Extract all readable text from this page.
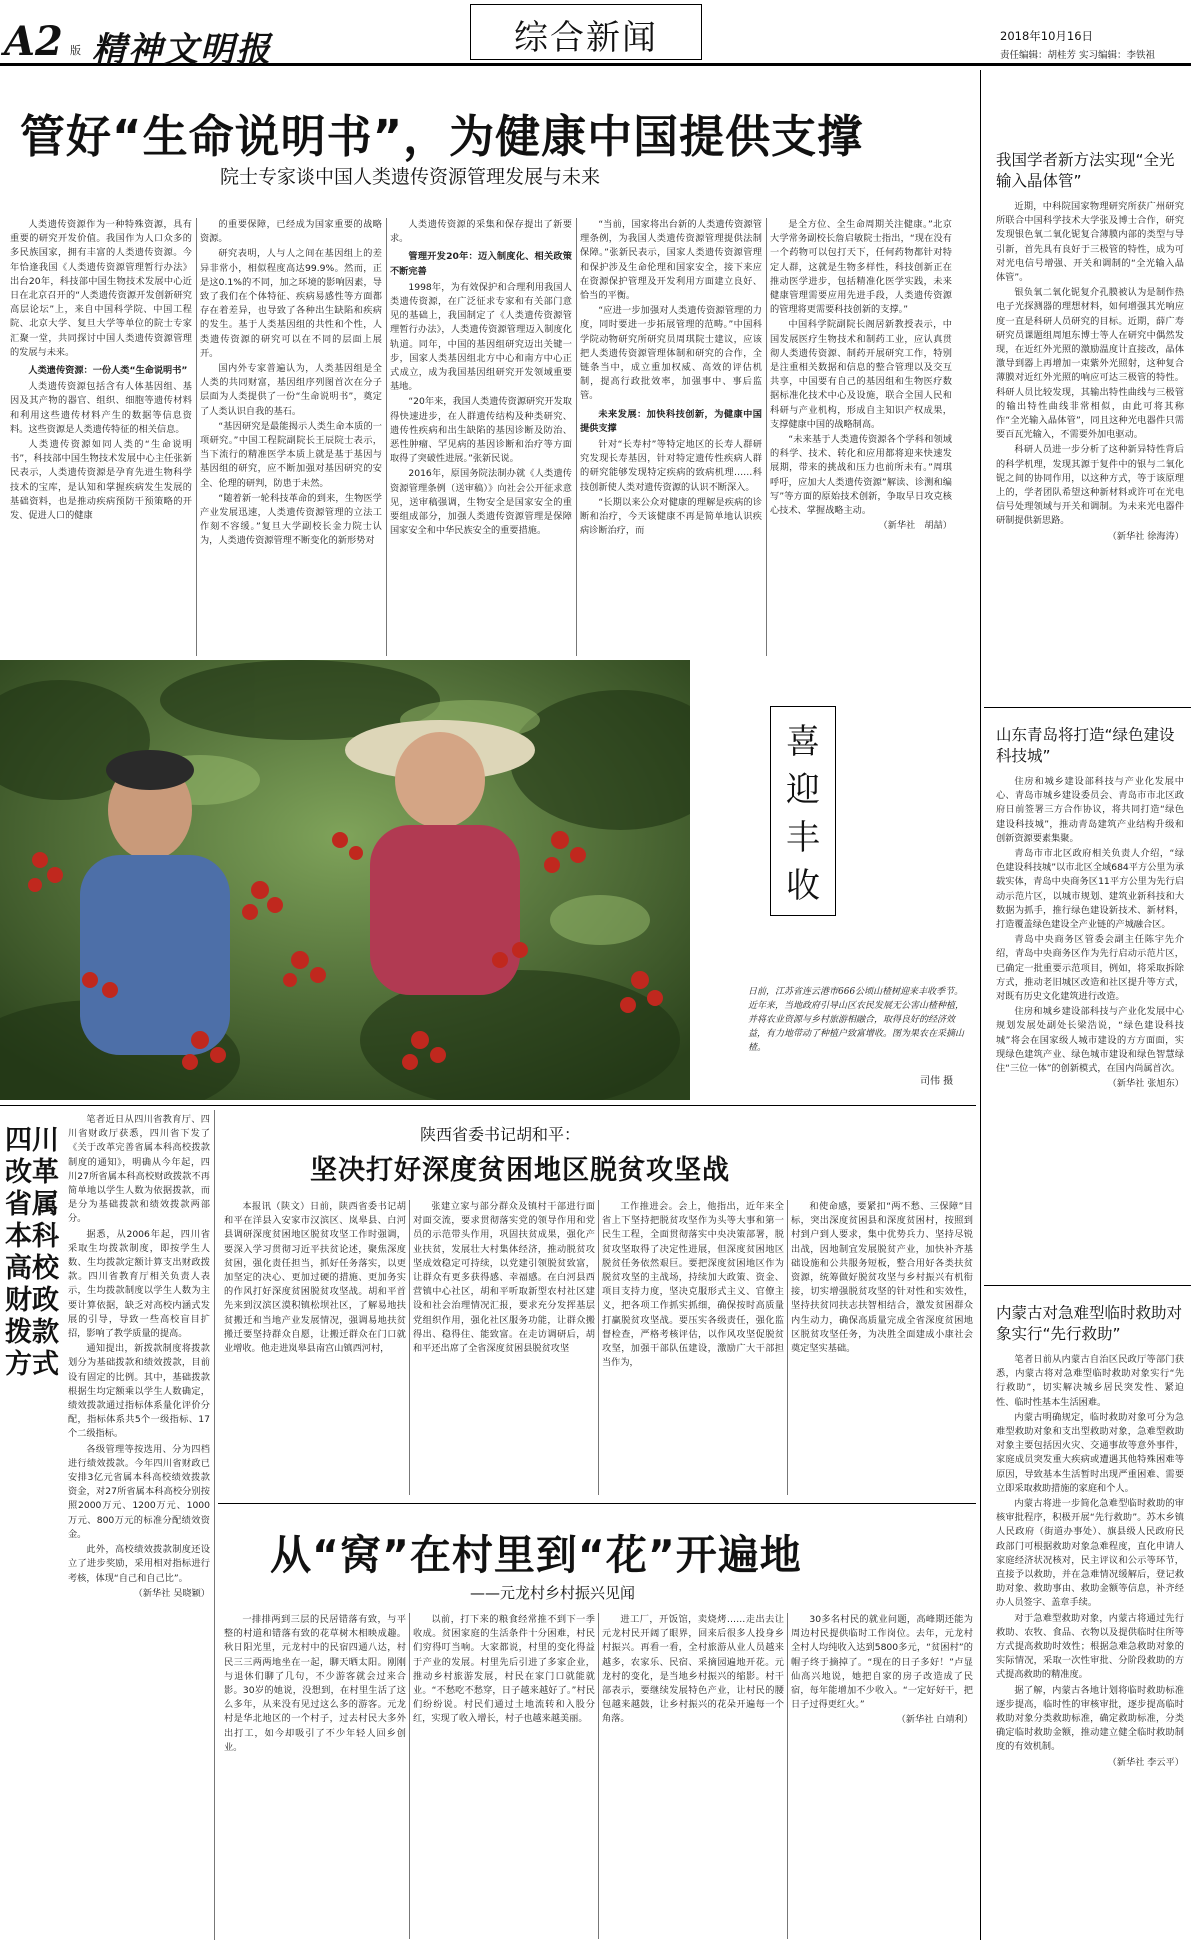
A2 版 精神文明报	综合新闻	2018年10月16日
责任编辑：胡桂芳 实习编辑：李铁祖
管好“生命说明书”，为健康中国提供支撑
院士专家谈中国人类遗传资源管理发展与未来

人类遗传资源作为一种特殊资源，具有重要的研究开发价值。我国作为人口众多的多民族国家，拥有丰富的人类遗传资源。今年恰逢我国《人类遗传资源管理暂行办法》出台20年，科技部中国生物技术发展中心近日在北京召开的“人类遗传资源开发创新研究高层论坛”上，来自中国科学院、中国工程院、北京大学、复旦大学等单位的院士专家汇聚一堂，共同探讨中国人类遗传资源管理的发展与未来。

人类遗传资源：一份人类“生命说明书”

人类遗传资源包括含有人体基因组、基因及其产物的器官、组织、细胞等遗传材料和利用这些遗传材料产生的数据等信息资料。这些资源是人类遗传特征的相关信息。

人类遗传资源如同人类的“生命说明书”，科技部中国生物技术发展中心主任张新民表示，人类遗传资源是孕育先进生物科学技术的宝库，是认知和掌握疾病发生发展的基础资料，也是推动疾病预防干预策略的开发、促进人口的健康

的重要保障，已经成为国家重要的战略资源。

研究表明，人与人之间在基因组上的差异非常小，相似程度高达99.9%。然而，正是这0.1%的不同，加之环境的影响因素，导致了我们在个体特征、疾病易感性等方面都存在着差异，也导致了各种出生缺陷和疾病的发生。基于人类基因组的共性和个性，人类遗传资源的研究可以在不同的层面上展开。

国内外专家普遍认为，人类基因组是全人类的共同财富，基因组序列图首次在分子层面为人类提供了一份“生命说明书”，奠定了人类认识自我的基石。

“基因研究是最能揭示人类生命本质的一项研究。”中国工程院副院长王辰院士表示，当下流行的精准医学本质上就是基于基因与基因组的研究，应不断加强对基因研究的安全、伦理的研判，防患于未然。

“随着新一轮科技革命的到来，生物医学产业发展迅速，人类遗传资源管理的立法工作刻不容缓。”复旦大学副校长金力院士认为，人类遗传资源管理不断变化的新形势对

人类遗传资源的采集和保存提出了新要求。

管理开发20年：迈入制度化、相关政策不断完善

1998年，为有效保护和合理利用我国人类遗传资源，在广泛征求专家和有关部门意见的基础上，我国制定了《人类遗传资源管理暂行办法》，人类遗传资源管理迈入制度化轨道。同年，中国的基因组研究迈出关键一步，国家人类基因组北方中心和南方中心正式成立，成为我国基因组研究开发领域重要基地。

“20年来，我国人类遗传资源研究开发取得快速进步，在人群遗传结构及种类研究、遗传性疾病和出生缺陷的基因诊断及防治、恶性肿瘤、罕见病的基因诊断和治疗等方面取得了突破性进展。”张新民说。

2016年，原国务院法制办就《人类遗传资源管理条例（送审稿）》向社会公开征求意见，送审稿强调，生物安全是国家安全的重要组成部分，加强人类遗传资源管理是保障国家安全和中华民族安全的重要措施。

“当前，国家将出台新的人类遗传资源管理条例，为我国人类遗传资源管理提供法制保障。”张新民表示，国家人类遗传资源管理和保护涉及生命伦理和国家安全，接下来应在资源保护管理及开发利用方面建立良好、恰当的平衡。

“应进一步加强对人类遗传资源管理的力度，同时要进一步拓展管理的范畴。”中国科学院动物研究所研究员周琪院士建议，应该把人类遗传资源管理体制和研究的合作，全链条当中，成立重加权威、高效的评估机制，提高行政批效率，加强事中、事后监管。

未来发展：加快科技创新，为健康中国提供支撑

针对“长寿村”等特定地区的长寿人群研究发现长寿基因，针对特定遗传性疾病人群的研究能够发现特定疾病的致病机理……科技创新使人类对遗传资源的认识不断深入。

“长期以来公众对健康的理解是疾病的诊断和治疗，今天该健康不再是简单地认识疾病诊断治疗，而

是全方位、全生命周期关注健康。”北京大学常务副校长詹启敏院士指出，“现在没有一个药物可以包打天下，任何药物都针对特定人群，这就是生物多样性，科技创新正在推动医学进步，包括精准化医学实践，未来健康管理需要应用先进手段，人类遗传资源的管理将更需要科技创新的支撑。”

中国科学院副院长阁居新教授表示，中国发展医疗生物技术和制药工业，应认真贯彻人类遗传资源、制药开展研究工作，特别是注重相关数据和信息的整合管理以及交互共享，中国要有自己的基因组和生物医疗数据标准化技术中心及设施，联合全国人民和科研与产业机构，形成自主知识产权成果，支撑健康中国的战略制高。

“未来基于人类遗传资源各个学科和领域的科学、技术、转化和应用都将迎来快速发展期，带来的挑战和压力也前所未有。”周琪呼吁，应加大人类遗传资源”解读、诊测和编写”等方面的原始技术创新，争取早日攻克核心技术、掌握战略主动。

（新华社　胡喆）
喜迎丰收
日前，江苏省连云港市666公顷山楂树迎来丰收季节。近年来，当地政府引导山区农民发展无公害山楂种植，并将农业资源与乡村旅游相融合，取得良好的经济效益，有力地带动了种植户致富增收。图为果农在采摘山楂。
司伟 摄
四川改革省属本科高校财政拨款方式

笔者近日从四川省教育厅、四川省财政厅获悉，四川省下发了《关于改革完善省属本科高校拨款制度的通知》，明确从今年起，四川27所省属本科高校财政拨款不再简单地以学生人数为依据拨款，而是分为基础拨款和绩效拨款两部分。

据悉，从2006年起，四川省采取生均拨款制度，即按学生人数、生均拨款定额计算支出财政拨款。四川省教育厅相关负责人表示，生均拨款制度以学生人数为主要计算依据，缺乏对高校内涵式发展的引导，导致一些高校盲目扩招，影响了教学质量的提高。

通知提出，新拨款制度将拨款划分为基础拨款和绩效拨款，目前设有固定的比例。其中，基础拨款根据生均定额乘以学生人数确定，绩效拨款通过指标体系量化评价分配，指标体系共5个一级指标、17个二级指标。

各级管理等按选用、分为四档进行绩效拨款。今年四川省财政已安排3亿元省属本科高校绩效拨款资金，对27所省属本科高校分别按照2000万元、1200万元、1000万元、800万元的标准分配绩效资金。

此外，高校绩效拨款制度还设立了进步奖励，采用相对指标进行考核，体现“自己和自己比”。

（新华社 吴晓颖）
陕西省委书记胡和平：
坚决打好深度贫困地区脱贫攻坚战

本报讯（陕文）日前，陕西省委书记胡和平在洋县入安家市汉滨区、岚皋县、白河县调研深度贫困地区脱贫攻坚工作时强调，要深入学习贯彻习近平扶贫论述，聚焦深度贫困，强化责任担当，抓好任务落实，以更加坚定的决心、更加过硬的措施、更加务实的作风打好深度贫困脱贫攻坚战。胡和平首先来到汉滨区漠积镇松坝社区，了解易地扶贫搬迁和当地产业发展情况，强调易地扶贫搬迁要坚持群众自愿，让搬迁群众在门口就业增收。他走进岚皋县南宫山镇西河村，

张建立家与部分群众及镇村干部进行面对面交流，要求贯彻落实党的领导作用和党员的示范带头作用，巩固扶贫成果，强化产业扶贫，发展壮大村集体经济，推动脱贫攻坚成效稳定可持续，以党建引领脱贫致富，让群众有更多获得感、幸福感。在白河县西营镇中心社区，胡和平听取新型农村社区建设和社会治理情况汇报，要求充分发挥基层党组织作用，强化社区服务功能，让群众搬得出、稳得住、能致富。在走访调研后，胡和平还出席了全省深度贫困县脱贫攻坚

工作推进会。会上，他指出，近年来全省上下坚持把脱贫攻坚作为头等大事和第一民生工程，全面贯彻落实中央决策部署，脱贫攻坚取得了决定性进展，但深度贫困地区脱贫任务依然艰巨。要把深度贫困地区作为脱贫攻坚的主战场，持续加大政策、资金、项目支持力度，坚决克服形式主义、官僚主义，把各项工作抓实抓细，确保按时高质量打赢脱贫攻坚战。要压实各级责任，强化监督检查，严格考核评估，以作风攻坚促脱贫攻坚，加强干部队伍建设，激励广大干部担当作为，

和使命感，要紧扣“两不愁、三保障”目标，突出深度贫困县和深度贫困村，按照到村到户到人要求，集中优势兵力、坚持尽锐出战，因地制宜发展脱贫产业，加快补齐基础设施和公共服务短板，整合用好各类扶贫资源，统筹做好脱贫攻坚与乡村振兴有机衔接，切实增强脱贫攻坚的针对性和实效性，坚持扶贫同扶志扶智相结合，激发贫困群众内生动力，确保高质量完成全省深度贫困地区脱贫攻坚任务，为决胜全面建成小康社会奠定坚实基础。

从“窝”在村里到“花”开遍地
——元龙村乡村振兴见闻

一排排两到三层的民居错落有致，与平整的村道和错落有致的花草树木相映成趣。秋日阳光里，元龙村中的民宿四通八达，村民三三两两地坐在一起，聊天晒太阳。刚刚与退休们聊了几句，不少游客就会过来合影。30岁的她说，没想到，在村里生活了这么多年，从来没有见过这么多的游客。元龙村是华北地区的一个村子，过去村民大多外出打工，如今却吸引了不少年轻人回乡创业。

以前，打下来的粮食经常推不到下一季收成。贫困家庭的生活条件十分困难，村民们穷得叮当响。大家都说，村里的变化得益于产业的发展。村里先后引进了多家企业，推动乡村旅游发展，村民在家门口就能就业。“不愁吃不愁穿，日子越来越好了。”村民们纷纷说。村民们通过土地流转和入股分红，实现了收入增长，村子也越来越美丽。

进工厂，开饭馆，卖烧烤……走出去让元龙村民开阔了眼界，回来后很多人投身乡村振兴。再看一看，全村旅游从业人员越来越多，农家乐、民宿、采摘园遍地开花。元龙村的变化，是当地乡村振兴的缩影。村干部表示，要继续发展特色产业，让村民的腰包越来越鼓，让乡村振兴的花朵开遍每一个角落。

30多名村民的就业问题，高峰期还能为周边村民提供临时工作岗位。去年，元龙村全村人均纯收入达到5800多元，“贫困村”的帽子终于摘掉了。“现在的日子多好！”卢显仙高兴地说，她把自家的房子改造成了民宿，每年能增加不少收入。“一定好好干，把日子过得更红火。”

（新华社 白靖利）
我国学者新方法实现“全光输入晶体管”

近期，中科院国家物理研究所获广州研究所联合中国科学技术大学张及博士合作，研究发现银色氧二氧化铌复合薄膜内部的类型与导引新，首先具有良好于三极管的特性，成为可对光电信号增强、开关和调制的“全光输入晶体管”。

银负氧二氧化铌复介孔膜被认为是制作热电子光探测器的理想材料，如何增强其光响应度一直是科研人员研究的目标。近期，薛广寿研究员课题组周旭东博士等人在研究中偶然发现，在近红外光照的激励温度计直接改，晶体激导到器上再增加一束紫外光照射，这种复合薄膜对近红外光照的响应可达三极管的特性。科研人员比较发现，其输出特性曲线与三极管的输出特性曲线非常相似，由此可将其称作“全光输入晶体管”，同且这种光电器件只需要百瓦光输入，不需要外加电驱动。

科研人员进一步分析了这种新异特性背后的科学机理，发现其源于复件中的银与二氧化铌之间的协同作用，以这种方式，等于该原理上的，学者团队希望这种新材料或许可在光电信号处理领域与开关和调制。为未来光电器件研制提供新思路。

（新华社 徐海涛）
山东青岛将打造“绿色建设科技城”

住房和城乡建设部科技与产业化发展中心、青岛市城乡建设委员会、青岛市市北区政府日前签署三方合作协议，将共同打造“绿色建设科技城”，推动青岛建筑产业结构升级和创新资源要素集聚。

青岛市市北区政府相关负责人介绍，“绿色建设科技城”以市北区全域684平方公里为承载实体，青岛中央商务区11平方公里为先行启动示范片区，以城市规划、建筑业新科技和大数据为抓手，推行绿色建设新技术、新材料，打造覆盖绿色建设全产业链的产城融合区。

青岛中央商务区管委会副主任陈宇先介绍，青岛中央商务区作为先行启动示范片区，已确定一批重要示范项目，例如，将采取拆除方式，推动老旧城区改造和社区提升等方式，对既有历史文化建筑进行改造。

住房和城乡建设部科技与产业化发展中心规划发展处副处长梁浩说，“绿色建设科技城”将会在国家级人城市建设的方方面面，实现绿色建筑产业、绿色城市建设和绿色智慧绿住“三位一体”的创新模式，在国内尚属首次。

（新华社 张旭东）
内蒙古对急难型临时救助对象实行“先行救助”

笔者日前从内蒙古自治区民政厅等部门获悉，内蒙古将对急难型临时救助对象实行“先行救助”，切实解决城乡居民突发性、紧迫性、临时性基本生活困难。

内蒙古明确规定，临时救助对象可分为急难型救助对象和支出型救助对象，急难型救助对象主要包括因火灾、交通事故等意外事件，家庭成员突发重大疾病或遭遇其他特殊困难等原因，导致基本生活暂时出现严重困难、需要立即采取救助措施的家庭和个人。

内蒙古将进一步简化急难型临时救助的审核审批程序，积极开展“先行救助”。苏木乡镇人民政府（街道办事处）、旗县级人民政府民政部门可根据救助对象急难程度，直化申请人家庭经济状况核对，民主评议和公示等环节，直接予以救助，并在急难情况缓解后，登记救助对象、救助事由、救助金额等信息，补齐经办人员签字、盖章手续。

对于急难型救助对象，内蒙古将通过先行救助、农牧、食品、衣物以及提供临时住所等方式提高救助时效性；根据急难急救助对象的实际情况，采取一次性审批、分阶段救助的方式提高救助的精准度。

据了解，内蒙古各地计划将临时救助标准逐步提高，临时性的审核审批，逐步提高临时救助对象分类救助标准，确定救助标准，分类确定临时救助金额，推动建立健全临时救助制度的有效机制。

（新华社 李云平）
